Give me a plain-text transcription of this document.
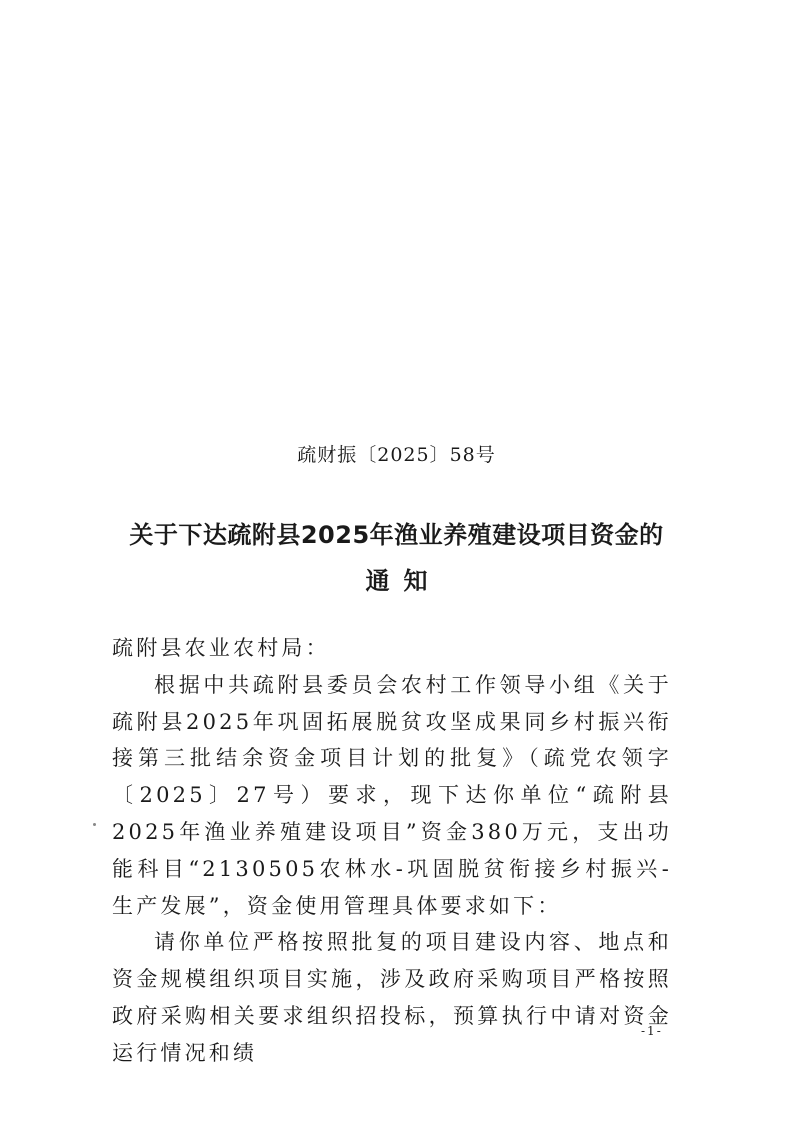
疏财振〔2025〕58号
关于下达疏附县2025年渔业养殖建设项目资金的
通知

疏附县农业农村局：

根据中共疏附县委员会农村工作领导小组《关于疏附县2025年巩固拓展脱贫攻坚成果同乡村振兴衔接第三批结余资金项目计划的批复》（疏党农领字〔2025〕27号）要求，现下达你单位“疏附县2025年渔业养殖建设项目”资金380万元，支出功能科目“2130505农林水-巩固脱贫衔接乡村振兴-生产发展”，资金使用管理具体要求如下：

请你单位严格按照批复的项目建设内容、地点和资金规模组织项目实施，涉及政府采购项目严格按照政府采购相关要求组织招投标，预算执行中请对资金运行情况和绩

-1-
